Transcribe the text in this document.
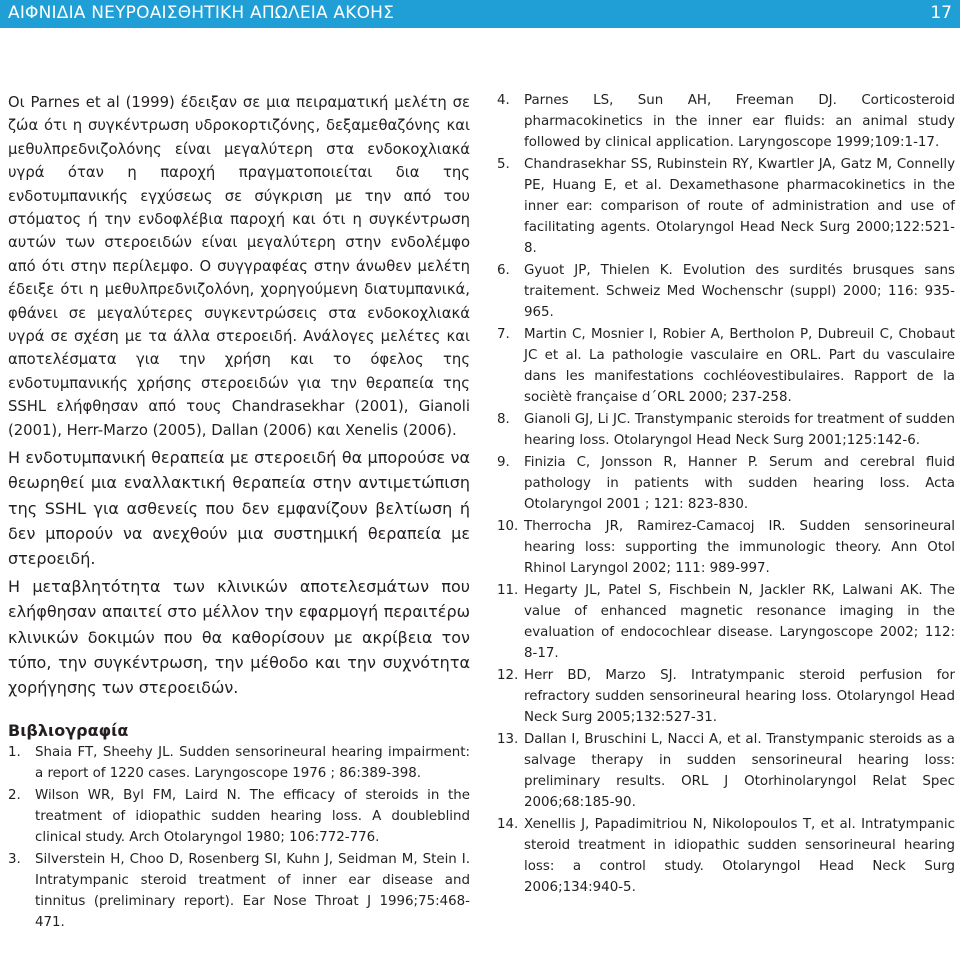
ΑΙΦΝΙΔΙΑ ΝΕΥΡΟΑΙΣΘΗΤΙΚΗ ΑΠΩΛΕΙΑ ΑΚΟΗΣ	17

Οι Parnes et al (1999) έδειξαν σε μια πειραματική μελέτη σε ζώα ότι η συγκέντρωση υδροκορτιζόνης, δεξαμεθαζόνης και μεθυλπρεδνιζολόνης είναι μεγαλύτερη στα ενδοκοχλιακά υγρά όταν η παροχή πραγματοποιείται δια της ενδοτυμπανικής εγχύσεως σε σύγκριση με την από του στόματος ή την ενδοφλέβια παροχή και ότι η συγκέντρωση αυτών των στεροειδών είναι μεγαλύτερη στην ενδολέμφο από ότι στην περίλεμφο. Ο συγγραφέας στην άνωθεν μελέτη έδειξε ότι η μεθυλπρεδνιζολόνη, χορηγούμενη διατυμπανικά, φθάνει σε μεγαλύτερες συγκεντρώσεις στα ενδοκοχλιακά υγρά σε σχέση με τα άλλα στεροειδή. Ανάλογες μελέτες και αποτελέσματα για την χρήση και το όφελος της ενδοτυμπανικής χρήσης στεροειδών για την θεραπεία της SSHL ελήφθησαν από τους Chandrasekhar (2001), Gianoli (2001), Herr-Marzo (2005), Dallan (2006) και Xenelis (2006).

Η ενδοτυμπανική θεραπεία με στεροειδή θα μπορούσε να θεωρηθεί μια εναλλακτική θεραπεία στην αντιμετώπιση της SSHL για ασθενείς που δεν εμφανίζουν βελτίωση ή δεν μπορούν να ανεχθούν μια συστημική θεραπεία με στεροειδή.

Η μεταβλητότητα των κλινικών αποτελεσμάτων που ελήφθησαν απαιτεί στο μέλλον την εφαρμογή περαιτέρω κλινικών δοκιμών που θα καθορίσουν με ακρίβεια τον τύπο, την συγκέντρωση, την μέθοδο και την συχνότητα χορήγησης των στεροειδών.

Βιβλιογραφία
1. Shaia FT, Sheehy JL. Sudden sensorineural hearing impairment: a report of 1220 cases. Laryngoscope 1976 ; 86:389-398.
2. Wilson WR, Byl FM, Laird N. The efficacy of steroids in the treatment of idiopathic sudden hearing loss. A doubleblind clinical study. Arch Otolaryngol 1980; 106:772-776.
3. Silverstein H, Choo D, Rosenberg SI, Kuhn J, Seidman M, Stein I. Intratympanic steroid treatment of inner ear disease and tinnitus (preliminary report). Ear Nose Throat J 1996;75:468-471.
4. Parnes LS, Sun AH, Freeman DJ. Corticosteroid pharmacokinetics in the inner ear fluids: an animal study followed by clinical application. Laryngoscope 1999;109:1-17.
5. Chandrasekhar SS, Rubinstein RY, Kwartler JA, Gatz M, Connelly PE, Huang E, et al. Dexamethasone pharmacokinetics in the inner ear: comparison of route of administration and use of facilitating agents. Otolaryngol Head Neck Surg 2000;122:521-8.
6. Gyuot JP, Thielen K. Evolution des surdités brusques sans traitement. Schweiz Med Wochenschr (suppl) 2000; 116: 935-965.
7. Martin C, Mosnier I, Robier A, Bertholon P, Dubreuil C, Chobaut JC et al. La pathologie vasculaire en ORL. Part du vasculaire dans les manifestations cochléovestibulaires. Rapport de la sociètè française d΄ORL 2000; 237-258.
8. Gianoli GJ, Li JC. Transtympanic steroids for treatment of sudden hearing loss. Otolaryngol Head Neck Surg 2001;125:142-6.
9. Finizia C, Jonsson R, Hanner P. Serum and cerebral fluid pathology in patients with sudden hearing loss. Acta Otolaryngol 2001 ; 121: 823-830.
10. Therrocha JR, Ramirez-Camacoj IR. Sudden sensorineural hearing loss: supporting the immunologic theory. Ann Otol Rhinol Laryngol 2002; 111: 989-997.
11. Hegarty JL, Patel S, Fischbein N, Jackler RK, Lalwani AK. The value of enhanced magnetic resonance imaging in the evaluation of endocochlear disease. Laryngoscope 2002; 112: 8-17.
12. Herr BD, Marzo SJ. Intratympanic steroid perfusion for refractory sudden sensorineural hearing loss. Otolaryngol Head Neck Surg 2005;132:527-31.
13. Dallan I, Bruschini L, Nacci A, et al. Transtympanic steroids as a salvage therapy in sudden sensorineural hearing loss: preliminary results. ORL J Otorhinolaryngol Relat Spec 2006;68:185-90.
14. Xenellis J, Papadimitriou N, Nikolopoulos T, et al. Intratympanic steroid treatment in idiopathic sudden sensorineural hearing loss: a control study. Otolaryngol Head Neck Surg 2006;134:940-5.
